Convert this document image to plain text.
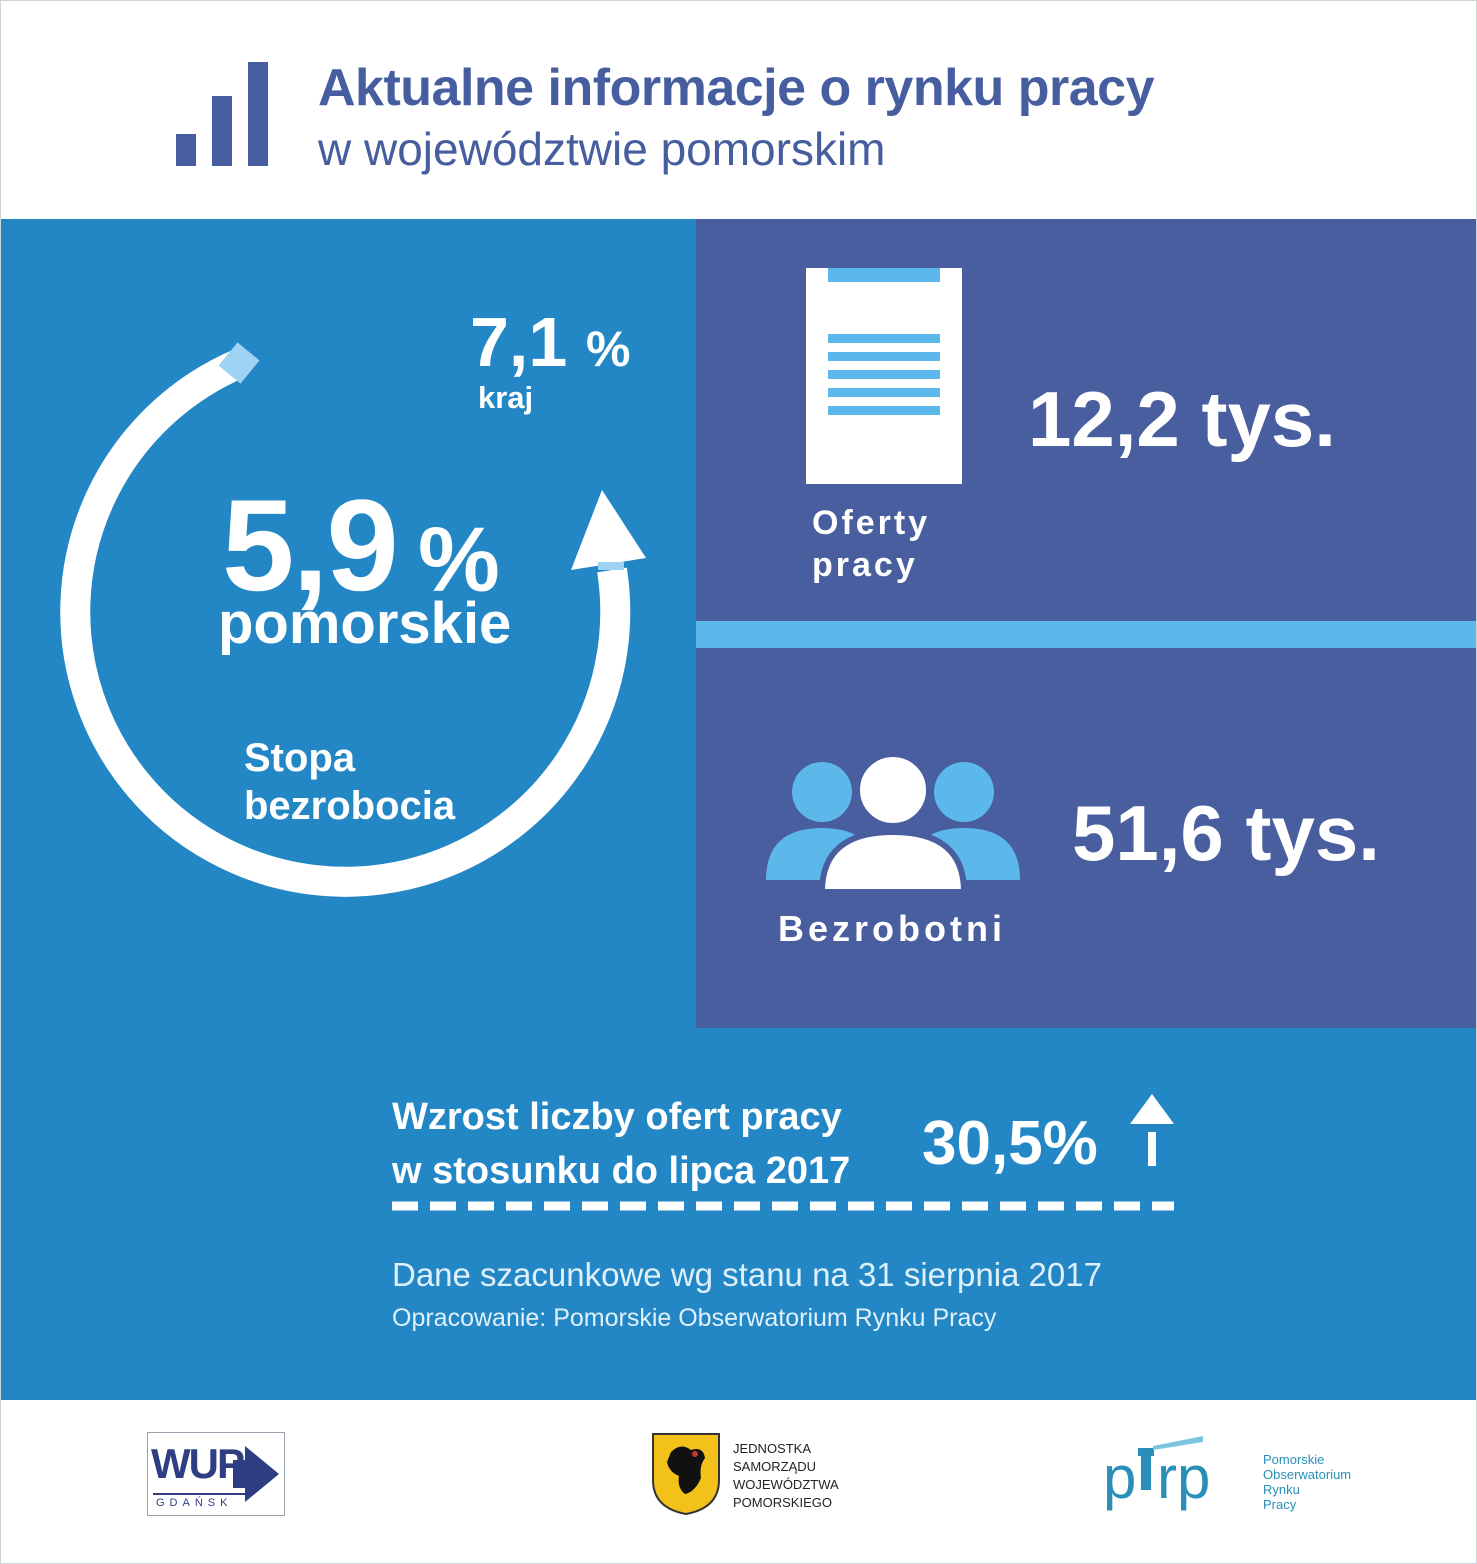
Aktualne informacje o rynku pracy
w województwie pomorskim
7,1 %
kraj
5,9 %
pomorskie
Stopa
bezrobocia
Oferty
pracy
12,2 tys.
Bezrobotni
51,6 tys.
Wzrost liczby ofert pracy
w stosunku do lipca 2017 30,5%
Dane szacunkowe wg stanu na 31 sierpnia 2017
Opracowanie: Pomorskie Obserwatorium Rynku Pracy
WUP
GDAŃSK
JEDNOSTKA
SAMORZĄDU
WOJEWÓDZTWA
POMORSKIEGO	p rp	Pomorskie
Obserwatorium
Rynku
Pracy
